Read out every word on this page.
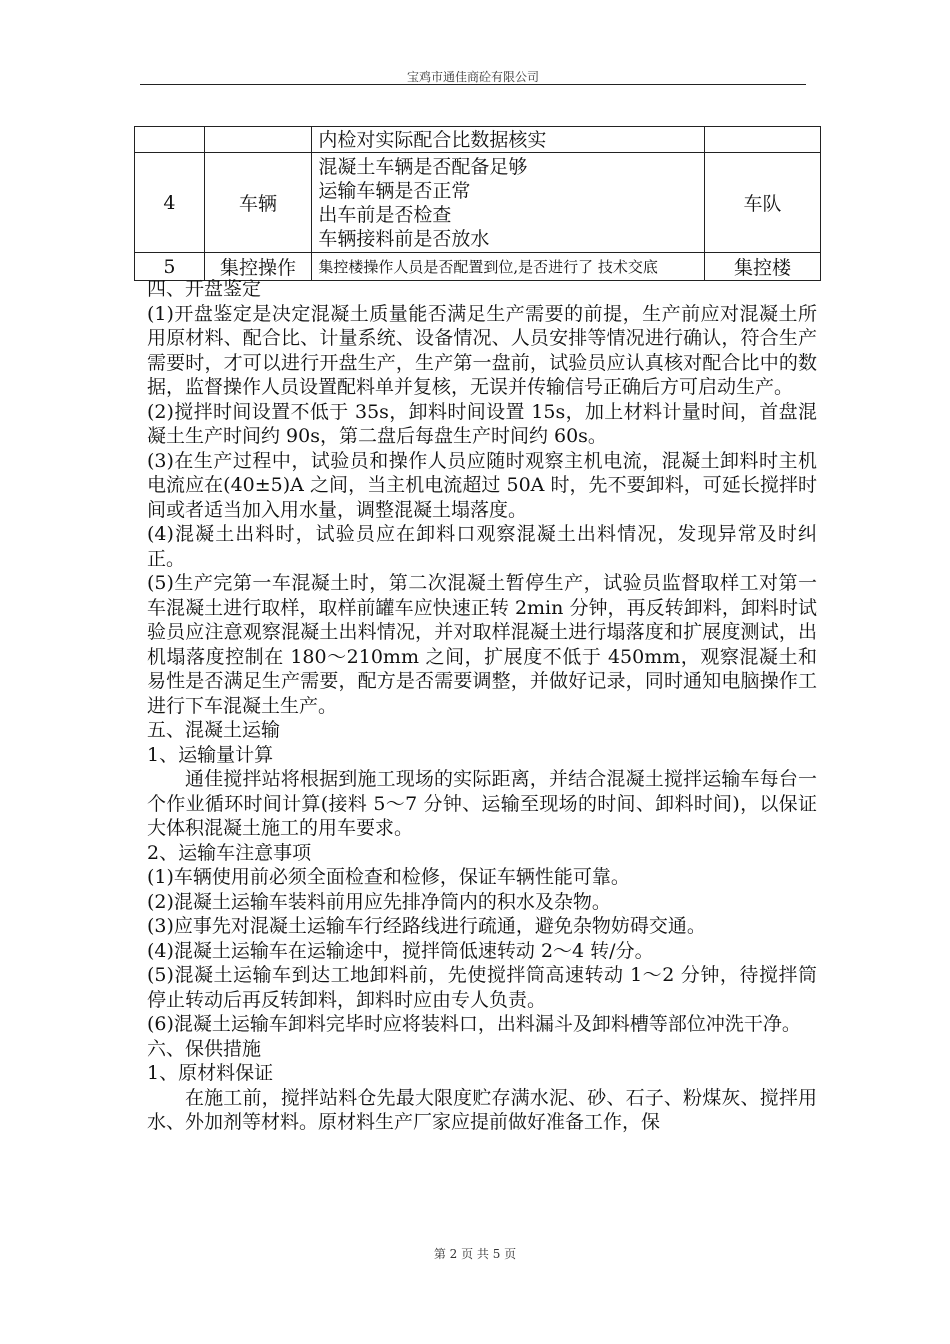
宝鸡市通佳商砼有限公司

		内检对实际配合比数据核实	

4	车辆	混凝土车辆是否配备足够
运输车辆是否正常
出车前是否检查
车辆接料前是否放水	车队
5	集控操作	集控楼操作人员是否配置到位,是否进行了 技术交底	集控楼

四、开盘鉴定

(1)开盘鉴定是决定混凝土质量能否满足生产需要的前提，生产前应对混凝土所用原材料、配合比、计量系统、设备情况、人员安排等情况进行确认，符合生产需要时，才可以进行开盘生产，生产第一盘前，试验员应认真核对配合比中的数据，监督操作人员设置配料单并复核，无误并传输信号正确后方可启动生产。

(2)搅拌时间设置不低于 35s，卸料时间设置 15s，加上材料计量时间，首盘混凝土生产时间约 90s，第二盘后每盘生产时间约 60s。

(3)在生产过程中，试验员和操作人员应随时观察主机电流，混凝土卸料时主机电流应在(40±5)A 之间，当主机电流超过 50A 时，先不要卸料，可延长搅拌时间或者适当加入用水量，调整混凝土塌落度。

(4)混凝土出料时，试验员应在卸料口观察混凝土出料情况，发现异常及时纠正。

(5)生产完第一车混凝土时，第二次混凝土暂停生产，试验员监督取样工对第一车混凝土进行取样，取样前罐车应快速正转 2min 分钟，再反转卸料，卸料时试验员应注意观察混凝土出料情况，并对取样混凝土进行塌落度和扩展度测试，出机塌落度控制在 180～210mm 之间，扩展度不低于 450mm，观察混凝土和易性是否满足生产需要，配方是否需要调整，并做好记录，同时通知电脑操作工进行下车混凝土生产。

五、混凝土运输

1、运输量计算

通佳搅拌站将根据到施工现场的实际距离，并结合混凝土搅拌运输车每台一个作业循环时间计算(接料 5～7 分钟、运输至现场的时间、卸料时间)，以保证大体积混凝土施工的用车要求。

2、运输车注意事项

(1)车辆使用前必须全面检查和检修，保证车辆性能可靠。

(2)混凝土运输车装料前用应先排净筒内的积水及杂物。

(3)应事先对混凝土运输车行经路线进行疏通，避免杂物妨碍交通。

(4)混凝土运输车在运输途中，搅拌筒低速转动 2～4 转/分。

(5)混凝土运输车到达工地卸料前，先使搅拌筒高速转动 1～2 分钟，待搅拌筒停止转动后再反转卸料，卸料时应由专人负责。

(6)混凝土运输车卸料完毕时应将装料口，出料漏斗及卸料槽等部位冲洗干净。

六、保供措施

1、原材料保证

在施工前，搅拌站料仓先最大限度贮存满水泥、砂、石子、粉煤灰、搅拌用水、外加剂等材料。原材料生产厂家应提前做好准备工作，保

第 2 页 共 5 页
